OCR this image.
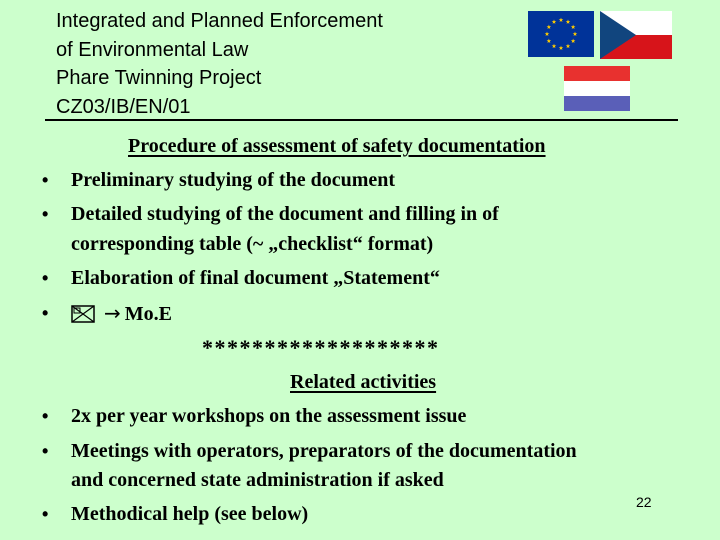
Integrated and Planned Enforcement
of Environmental Law
Phare Twinning Project
CZ03/IB/EN/01
Procedure of assessment of safety documentation
• Preliminary studying of the document
• Detailed studying of the document and filling in of
corresponding table (~ „checklist“ format)
• Elaboration of final document „Statement“
•	→ Mo.E
*******************
Related activities
• 2x per year workshops on the assessment issue
• Meetings with operators, preparators of the documentation
and concerned state administration if asked
• Methodical help (see below)
22
